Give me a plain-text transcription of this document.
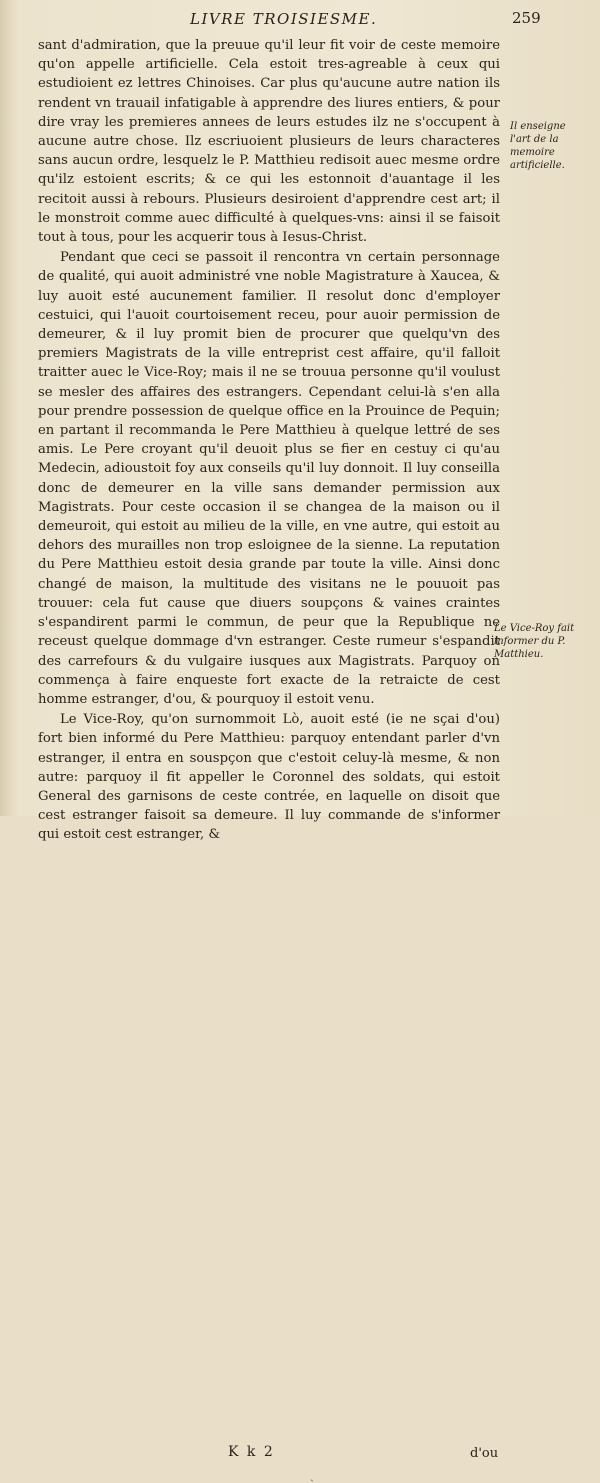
LIVRE TROISIESME.	259

sant d'admiration, que la preuue qu'il leur fit voir de ceste memoire qu'on appelle artificielle. Cela estoit tres-agreable à ceux qui estudioient ez lettres Chinoises. Car plus qu'aucune autre nation ils rendent vn trauail infatigable à apprendre des liures entiers, & pour dire vray les premieres annees de leurs estudes ilz ne s'occupent à aucune autre chose. Ilz escriuoient plusieurs de leurs characteres sans aucun ordre, lesquelz le P. Matthieu redisoit auec mesme ordre qu'ilz estoient escrits; & ce qui les estonnoit d'auantage il les recitoit aussi à rebours. Plusieurs desiroient d'apprendre cest art; il le monstroit comme auec difficulté à quelques-vns: ainsi il se faisoit tout à tous, pour les acquerir tous à Iesus-Christ.

Pendant que ceci se passoit il rencontra vn certain personnage de qualité, qui auoit administré vne noble Magistrature à Xaucea, & luy auoit esté aucunement familier. Il resolut donc d'employer cestuici, qui l'auoit courtoisement receu, pour auoir permission de demeurer, & il luy promit bien de procurer que quelqu'vn des premiers Magistrats de la ville entreprist cest affaire, qu'il falloit traitter auec le Vice-Roy; mais il ne se trouua personne qu'il voulust se mesler des affaires des estrangers. Cependant celui-là s'en alla pour prendre possession de quelque office en la Prouince de Pequin; en partant il recommanda le Pere Matthieu à quelque lettré de ses amis. Le Pere croyant qu'il deuoit plus se fier en cestuy ci qu'au Medecin, adioustoit foy aux conseils qu'il luy donnoit. Il luy conseilla donc de demeurer en la ville sans demander permission aux Magistrats. Pour ceste occasion il se changea de la maison ou il demeuroit, qui estoit au milieu de la ville, en vne autre, qui estoit au dehors des murailles non trop esloignee de la sienne. La reputation du Pere Matthieu estoit desia grande par toute la ville. Ainsi donc changé de maison, la multitude des visitans ne le pouuoit pas trouuer: cela fut cause que diuers soupçons & vaines craintes s'espandirent parmi le commun, de peur que la Republique ne receust quelque dommage d'vn estranger. Ceste rumeur s'espandit des carrefours & du vulgaire iusques aux Magistrats. Parquoy on commença à faire enqueste fort exacte de la retraicte de cest homme estranger, d'ou, & pourquoy il estoit venu.

Le Vice-Roy, qu'on surnommoit Lò, auoit esté (ie ne sçai d'ou) fort bien informé du Pere Matthieu: parquoy entendant parler d'vn estranger, il entra en souspçon que c'estoit celuy-là mesme, & non autre: parquoy il fit appeller le Coronnel des soldats, qui estoit General des garnisons de ceste contrée, en laquelle on disoit que cest estranger faisoit sa demeure. Il luy commande de s'informer qui estoit cest estranger, &

Il enseigne l'art de la memoire artificielle.
Le Vice-Roy fait informer du P. Matthieu.
K k 2	d'ou
ˎ
